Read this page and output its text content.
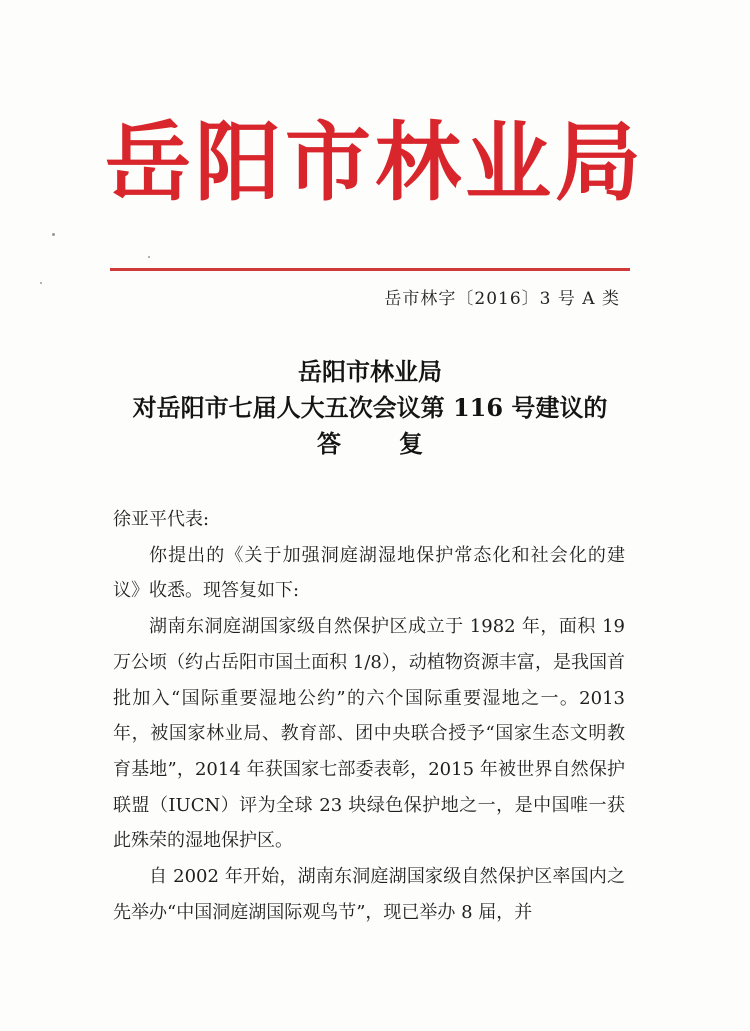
岳阳市林业局
岳市林字〔2016〕3 号 A 类
岳阳市林业局
对岳阳市七届人大五次会议第 116 号建议的
答复

徐亚平代表:

你提出的《关于加强洞庭湖湿地保护常态化和社会化的建议》收悉。现答复如下:

湖南东洞庭湖国家级自然保护区成立于 1982 年，面积 19 万公顷（约占岳阳市国土面积 1/8），动植物资源丰富，是我国首批加入“国际重要湿地公约”的六个国际重要湿地之一。2013 年，被国家林业局、教育部、团中央联合授予“国家生态文明教育基地”，2014 年获国家七部委表彰，2015 年被世界自然保护联盟（IUCN）评为全球 23 块绿色保护地之一，是中国唯一获此殊荣的湿地保护区。

自 2002 年开始，湖南东洞庭湖国家级自然保护区率国内之先举办“中国洞庭湖国际观鸟节”，现已举办 8 届，并
